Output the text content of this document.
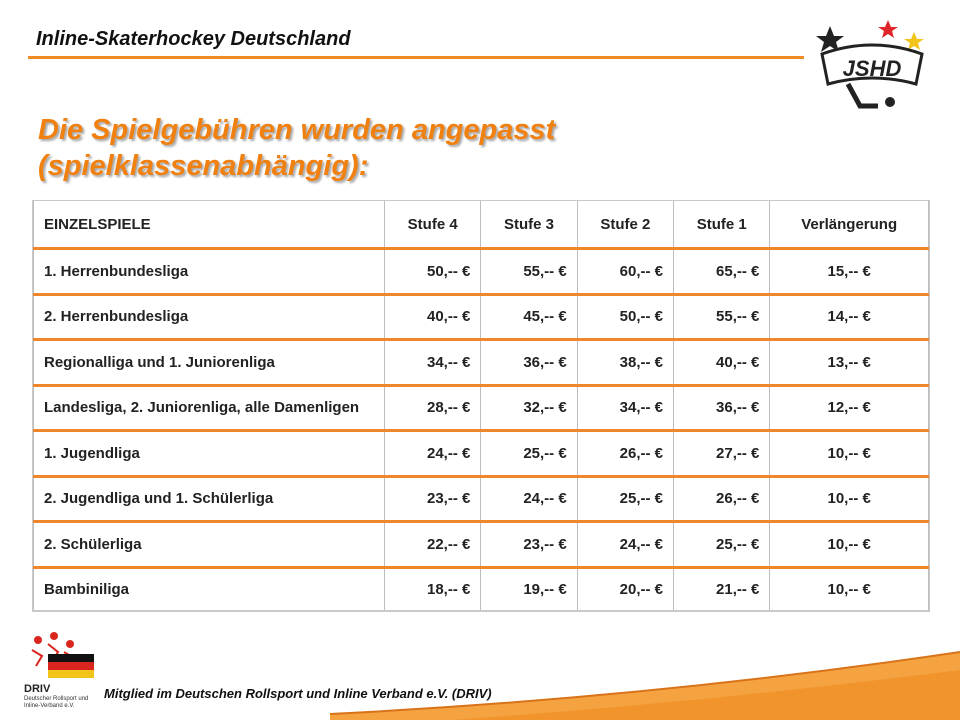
Inline-Skaterhockey Deutschland
JSHD
Die Spielgebühren wurden angepasst
(spielklassenabhängig):
EINZELSPIELE	Stufe 4	Stufe 3	Stufe 2	Stufe 1	Verlängerung
1. Herrenbundesliga	50,-- €	55,-- €	60,-- €	65,-- €	15,-- €
2. Herrenbundesliga	40,-- €	45,-- €	50,-- €	55,-- €	14,-- €
Regionalliga und 1. Juniorenliga	34,-- €	36,-- €	38,-- €	40,-- €	13,-- €
Landesliga, 2. Juniorenliga, alle Damenligen	28,-- €	32,-- €	34,-- €	36,-- €	12,-- €
1. Jugendliga	24,-- €	25,-- €	26,-- €	27,-- €	10,-- €
2. Jugendliga und 1. Schülerliga	23,-- €	24,-- €	25,-- €	26,-- €	10,-- €
2. Schülerliga	22,-- €	23,-- €	24,-- €	25,-- €	10,-- €
Bambiniliga	18,-- €	19,-- €	20,-- €	21,-- €	10,-- €
DRIV
Deutscher Rollsport und Inline-Verband e.V.
Mitglied im Deutschen Rollsport und Inline Verband e.V. (DRIV)
